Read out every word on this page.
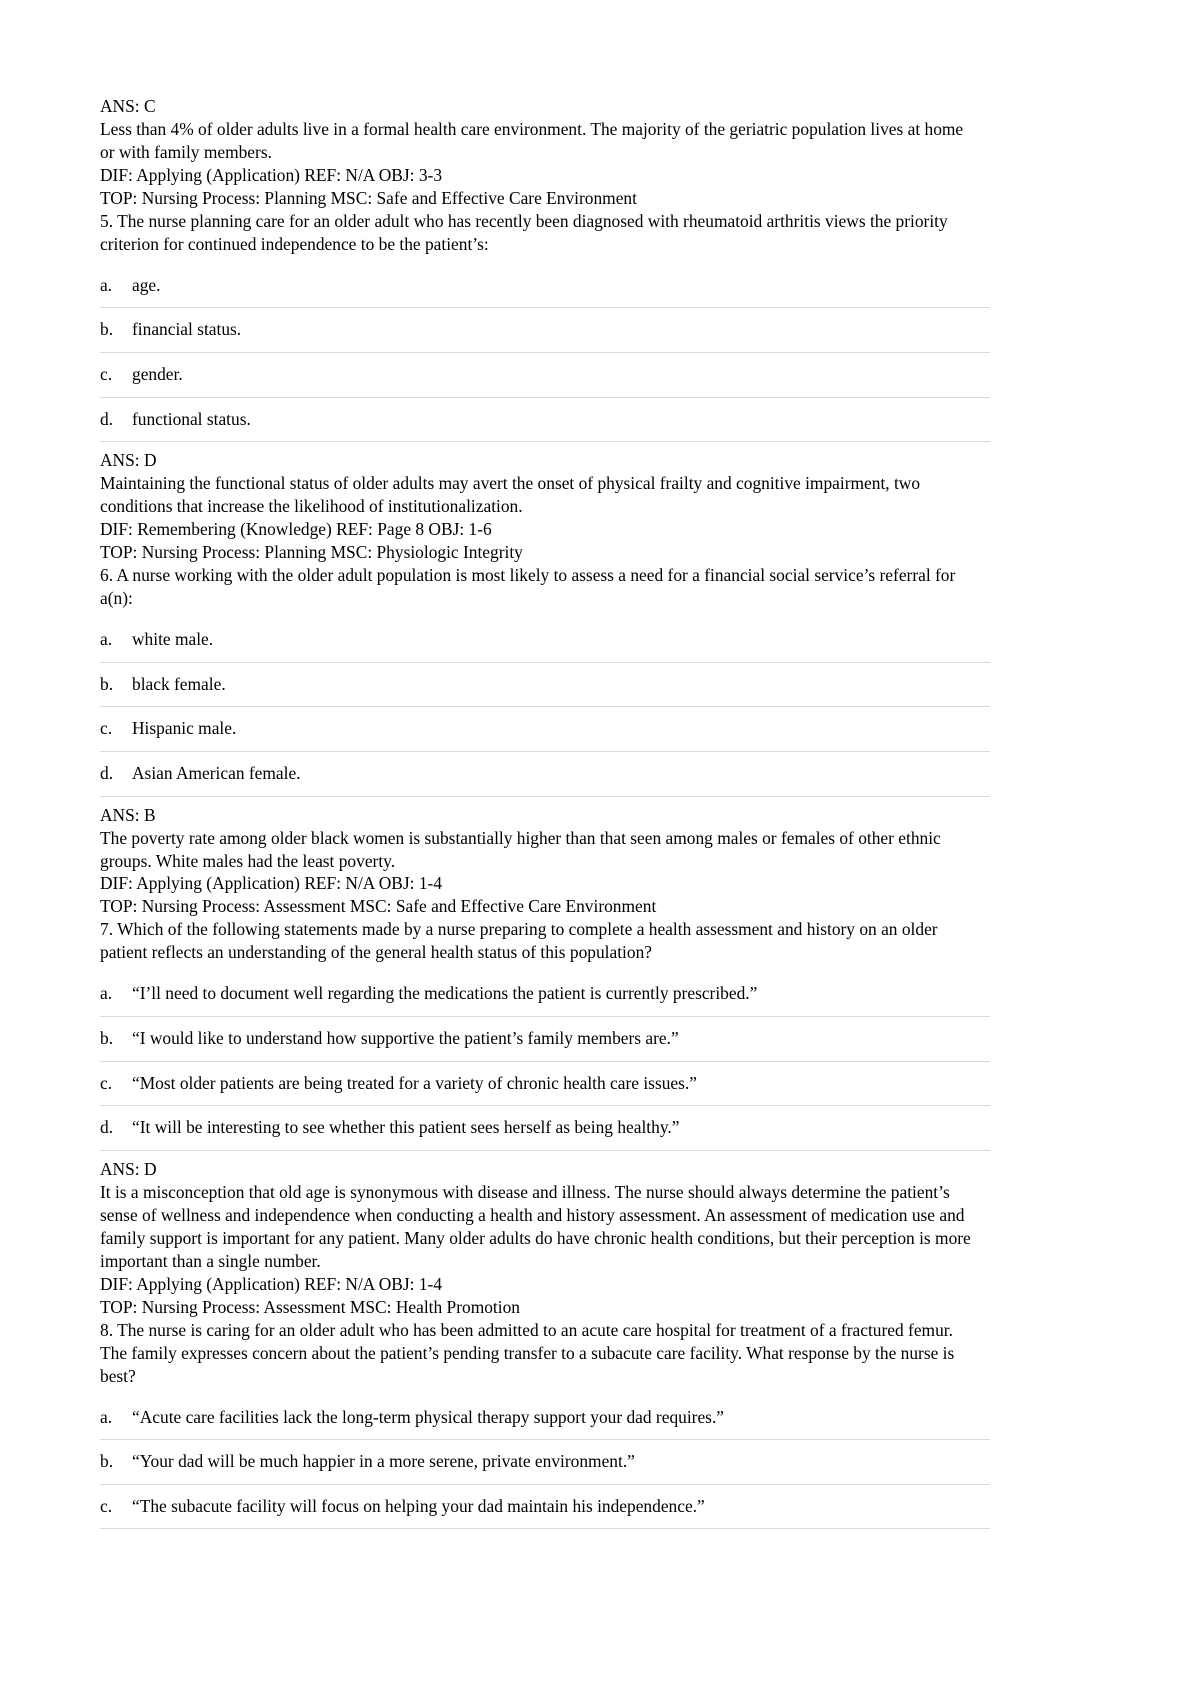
ANS: C

Less than 4% of older adults live in a formal health care environment. The majority of the geriatric population lives at home

or with family members.

DIF: Applying (Application) REF: N/A OBJ: 3-3

TOP: Nursing Process: Planning MSC: Safe and Effective Care Environment

5. The nurse planning care for an older adult who has recently been diagnosed with rheumatoid arthritis views the priority

criterion for continued independence to be the patient’s:

a.	age.
b.	financial status.
c.	gender.
d.	functional status.

ANS: D

Maintaining the functional status of older adults may avert the onset of physical frailty and cognitive impairment, two

conditions that increase the likelihood of institutionalization.

DIF: Remembering (Knowledge) REF: Page 8 OBJ: 1-6

TOP: Nursing Process: Planning MSC: Physiologic Integrity

6. A nurse working with the older adult population is most likely to assess a need for a financial social service’s referral for

a(n):

a.	white male.
b.	black female.
c.	Hispanic male.
d.	Asian American female.

ANS: B

The poverty rate among older black women is substantially higher than that seen among males or females of other ethnic

groups. White males had the least poverty.

DIF: Applying (Application) REF: N/A OBJ: 1-4

TOP: Nursing Process: Assessment MSC: Safe and Effective Care Environment

7. Which of the following statements made by a nurse preparing to complete a health assessment and history on an older

patient reflects an understanding of the general health status of this population?

a.	“I’ll need to document well regarding the medications the patient is currently prescribed.”
b.	“I would like to understand how supportive the patient’s family members are.”
c.	“Most older patients are being treated for a variety of chronic health care issues.”
d.	“It will be interesting to see whether this patient sees herself as being healthy.”

ANS: D

It is a misconception that old age is synonymous with disease and illness. The nurse should always determine the patient’s

sense of wellness and independence when conducting a health and history assessment. An assessment of medication use and

family support is important for any patient. Many older adults do have chronic health conditions, but their perception is more

important than a single number.

DIF: Applying (Application) REF: N/A OBJ: 1-4

TOP: Nursing Process: Assessment MSC: Health Promotion

8. The nurse is caring for an older adult who has been admitted to an acute care hospital for treatment of a fractured femur.

The family expresses concern about the patient’s pending transfer to a subacute care facility. What response by the nurse is

best?

a.	“Acute care facilities lack the long-term physical therapy support your dad requires.”
b.	“Your dad will be much happier in a more serene, private environment.”
c.	“The subacute facility will focus on helping your dad maintain his independence.”
